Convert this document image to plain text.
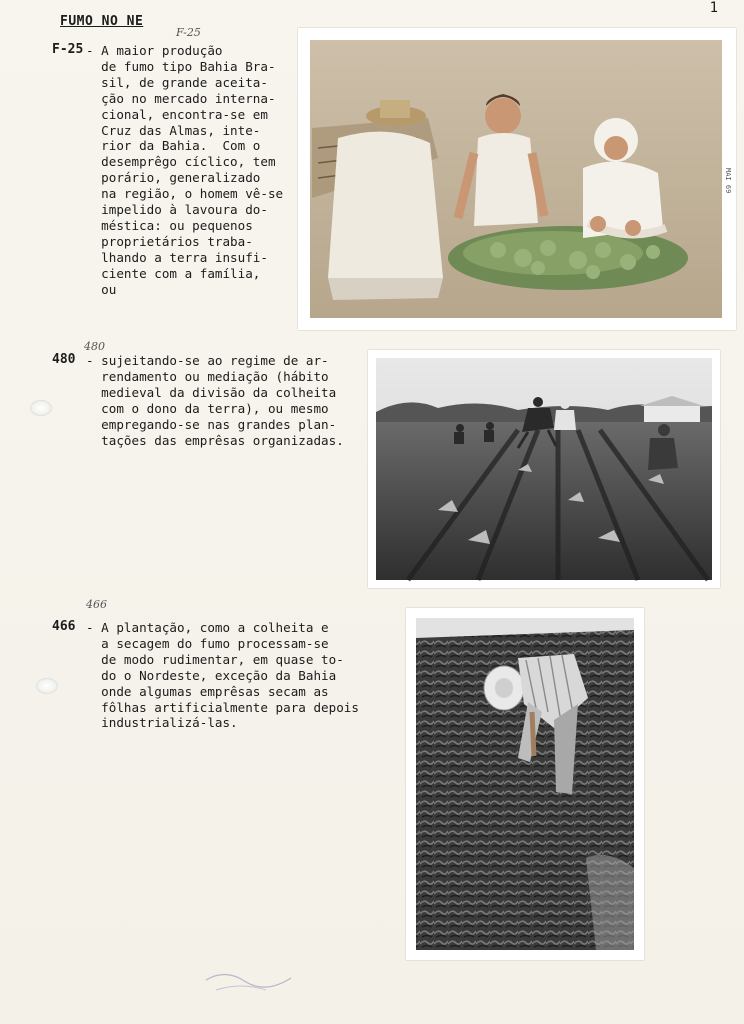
1
FUMO NO NE
F-25
F-25 - A maior produção
de fumo tipo Bahia Bra-
sil, de grande aceita-
ção no mercado interna-
cional, encontra-se em
Cruz das Almas, inte-
rior da Bahia.  Com o
desemprêgo cíclico, tem
porário, generalizado
na região, o homem vê-se
impelido à lavoura do-
méstica: ou pequenos
proprietários traba-
lhando a terra insufi-
ciente com a família,
ou
MAI 69
480
480 - sujeitando-se ao regime de ar-
rendamento ou mediação (hábito
medieval da divisão da colheita
com o dono da terra), ou mesmo
empregando-se nas grandes plan-
tações das emprêsas organizadas.
466
466 - A plantação, como a colheita e
a secagem do fumo processam-se
de modo rudimentar, em quase to-
do o Nordeste, exceção da Bahia
onde algumas emprêsas secam as
fôlhas artificialmente para depois
industrializá-las.
